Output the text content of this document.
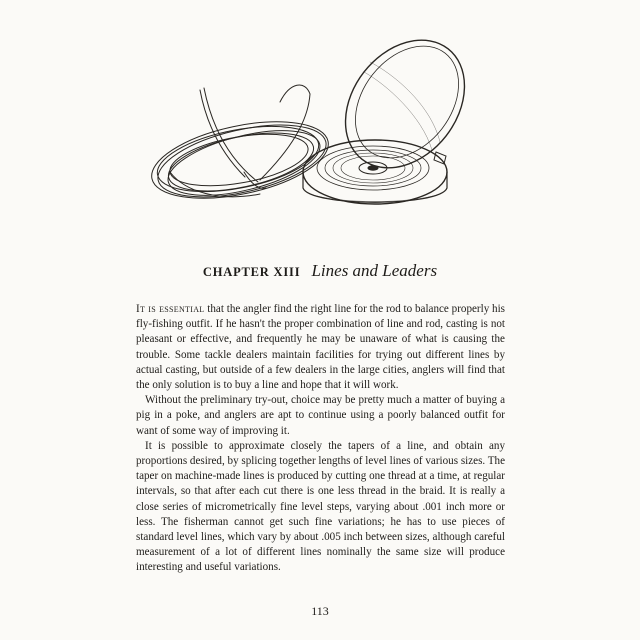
CHAPTER XIII Lines and Leaders

It is essential that the angler find the right line for the rod to balance properly his fly-fishing outfit. If he hasn't the proper combination of line and rod, casting is not pleasant or effective, and frequently he may be unaware of what is causing the trouble. Some tackle dealers maintain facilities for trying out different lines by actual casting, but outside of a few dealers in the large cities, anglers will find that the only solution is to buy a line and hope that it will work.

Without the preliminary try-out, choice may be pretty much a matter of buying a pig in a poke, and anglers are apt to continue using a poorly balanced outfit for want of some way of improving it.

It is possible to approximate closely the tapers of a line, and obtain any proportions desired, by splicing together lengths of level lines of various sizes. The taper on machine-made lines is produced by cutting one thread at a time, at regular intervals, so that after each cut there is one less thread in the braid. It is really a close series of micrometrically fine level steps, varying about .001 inch more or less. The fisherman cannot get such fine variations; he has to use pieces of standard level lines, which vary by about .005 inch between sizes, although careful measurement of a lot of different lines nominally the same size will produce interesting and useful variations.

113
